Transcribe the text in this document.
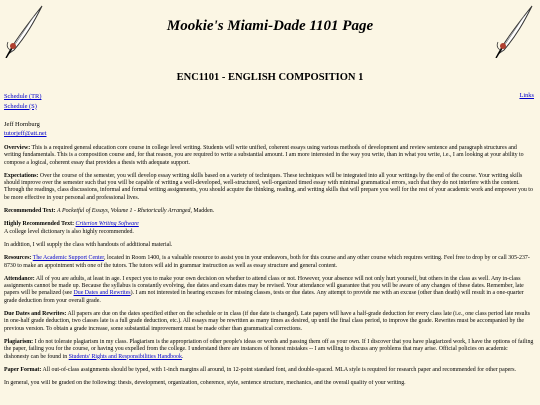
Mookie's Miami-Dade 1101 Page
ENC1101 - ENGLISH COMPOSITION 1
Schedule (TR)
Schedule (S)
Links
Jeff Hornburg
tutorjeff@att.net

Overview: This is a required general education core course in college level writing. Students will write unified, coherent essays using various methods of development and review sentence and paragraph structures and writing fundamentals. This is a composition course and, for that reason, you are required to write a substantial amount. I am more interested in the way you write, than in what you write, i.e., I am looking at your ability to compose a logical, coherent essay that provides a thesis with adequate support.

Expectations: Over the course of the semester, you will develop essay writing skills based on a variety of techniques. These techniques will be integrated into all your writings by the end of the course. Your writing skills should improve over the semester such that you will be capable of writing a well-developed, well-structured, well-organized timed essay with minimal grammatical errors, such that they do not interfere with the content. Through the readings, class discussions, informal and formal writing assignments, you should acquire the thinking, reading, and writing skills that will prepare you well for the rest of your academic work and empower you to be more effective in your personal and professional lives.

Recommended Text: A Pocketful of Essays, Volume 1 - Rhetorically Arranged, Madden.

Highly Recommended Text: Criterion Writing Software
A college level dictionary is also highly recommended.

In addition, I will supply the class with handouts of additional material.

Resources: The Academic Support Center, located in Room 1400, is a valuable resource to assist you in your endeavors, both for this course and any other course which requires writing. Feel free to drop by or call 305-237-8730 to make an appointment with one of the tutors. The tutors will aid in grammar instruction as well as essay structure and general content.

Attendance: All of you are adults, at least in age. I expect you to make your own decision on whether to attend class or not. However, your absence will not only hurt yourself, but others in the class as well. Any in-class assignments cannot be made up. Because the syllabus is constantly evolving, due dates and exam dates may be revised. Your attendance will guarantee that you will be aware of any changes of these dates. Remember, late papers will be penalized (see Due Dates and Rewrites). I am not interested in hearing excuses for missing classes, tests or due dates. Any attempt to provide me with an excuse (other than death) will result in a one-quarter grade deduction from your overall grade.

Due Dates and Rewrites: All papers are due on the dates specified either on the schedule or in class (if due date is changed). Late papers will have a half-grade deduction for every class late (i.e., one class period late results in one-half grade deduction, two classes late is a full grade deduction, etc.). All essays may be rewritten as many times as desired, up until the final class period, to improve the grade. Rewrites must be accompanied by the previous version. To obtain a grade increase, some substantial improvement must be made other than grammatical corrections.

Plagiarism: I do not tolerate plagiarism in my class. Plagiarism is the appropriation of other people's ideas or words and passing them off as your own. If I discover that you have plagiarized work, I have the options of failing the paper, failing you for the course, or having you expelled from the college. I understand there are instances of honest mistakes -- I am willing to discuss any problems that may arise. Official policies on academic dishonesty can be found in Students' Rights and Responsibilities Handbook.

Paper Format: All out-of-class assignments should be typed, with 1-inch margins all around, in 12-point standard font, and double-spaced. MLA style is required for research paper and recommended for other papers.

In general, you will be graded on the following: thesis, development, organization, coherence, style, sentence structure, mechanics, and the overall quality of your writing.
